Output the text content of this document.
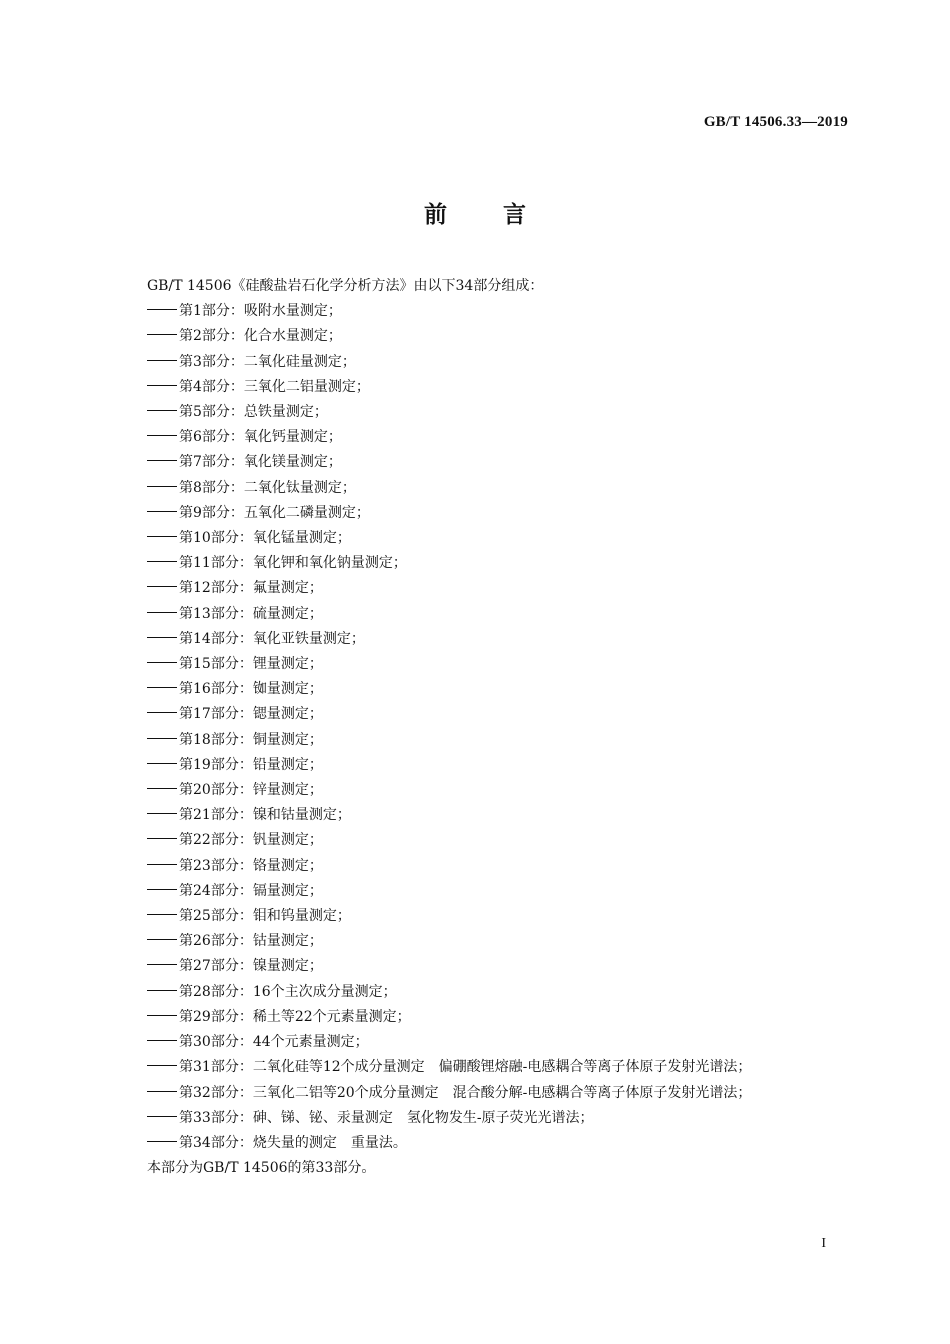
GB/T 14506.33—2019
前言

GB/T 14506《硅酸盐岩石化学分析方法》由以下34部分组成：

第1部分：吸附水量测定；

第2部分：化合水量测定；

第3部分：二氧化硅量测定；

第4部分：三氧化二铝量测定；

第5部分：总铁量测定；

第6部分：氧化钙量测定；

第7部分：氧化镁量测定；

第8部分：二氧化钛量测定；

第9部分：五氧化二磷量测定；

第10部分：氧化锰量测定；

第11部分：氧化钾和氧化钠量测定；

第12部分：氟量测定；

第13部分：硫量测定；

第14部分：氧化亚铁量测定；

第15部分：锂量测定；

第16部分：铷量测定；

第17部分：锶量测定；

第18部分：铜量测定；

第19部分：铅量测定；

第20部分：锌量测定；

第21部分：镍和钴量测定；

第22部分：钒量测定；

第23部分：铬量测定；

第24部分：镉量测定；

第25部分：钼和钨量测定；

第26部分：钴量测定；

第27部分：镍量测定；

第28部分：16个主次成分量测定；

第29部分：稀土等22个元素量测定；

第30部分：44个元素量测定；

第31部分：二氧化硅等12个成分量测定　偏硼酸锂熔融-电感耦合等离子体原子发射光谱法；

第32部分：三氧化二铝等20个成分量测定　混合酸分解-电感耦合等离子体原子发射光谱法；

第33部分：砷、锑、铋、汞量测定　氢化物发生-原子荧光光谱法；

第34部分：烧失量的测定　重量法。

本部分为GB/T 14506的第33部分。

I
